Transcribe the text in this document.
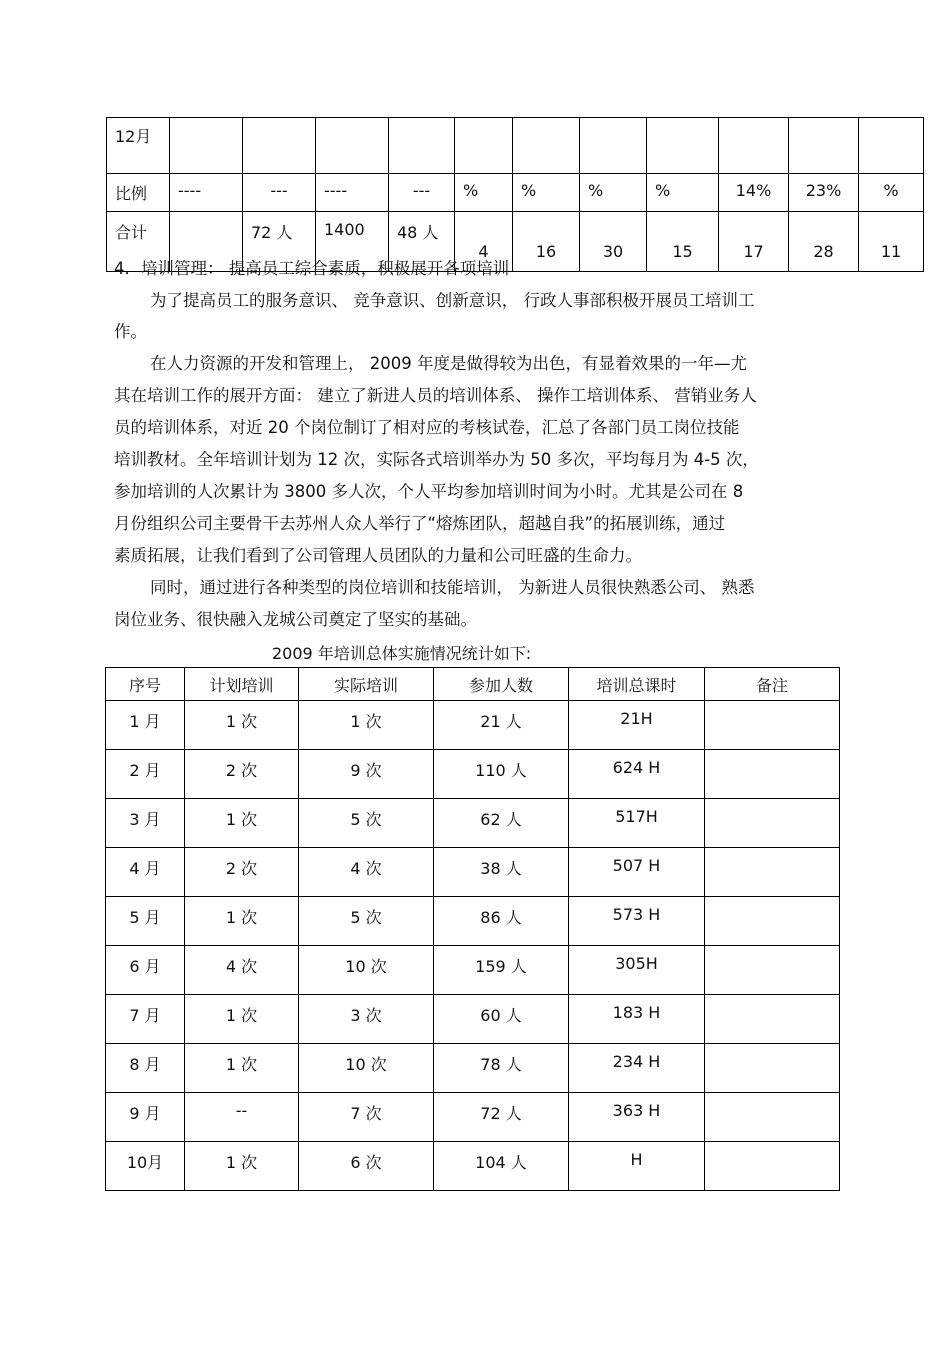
12月											
比例	----	---	----	---	%	%	%	%	14%	23%	%
合计		72 人	1400	48 人	4	16	30	15	17	28	11
4．培训管理： 提高员工综合素质，积极展开各项培训
为了提高员工的服务意识、 竞争意识、创新意识， 行政人事部积极开展员工培训工
作。
在人力资源的开发和管理上， 2009 年度是做得较为出色，有显着效果的一年—尤
其在培训工作的展开方面： 建立了新进人员的培训体系、 操作工培训体系、 营销业务人
员的培训体系，对近 20 个岗位制订了相对应的考核试卷，汇总了各部门员工岗位技能
培训教材。全年培训计划为 12 次，实际各式培训举办为 50 多次，平均每月为 4-5 次，
参加培训的人次累计为 3800 多人次，个人平均参加培训时间为小时。尤其是公司在 8
月份组织公司主要骨干去苏州人众人举行了“熔炼团队，超越自我”的拓展训练，通过
素质拓展，让我们看到了公司管理人员团队的力量和公司旺盛的生命力。
同时，通过进行各种类型的岗位培训和技能培训， 为新进人员很快熟悉公司、 熟悉
岗位业务、很快融入龙城公司奠定了坚实的基础。
2009 年培训总体实施情况统计如下:
序号	计划培训	实际培训	参加人数	培训总课时	备注
1 月	1 次	1 次	21 人	21H	
2 月	2 次	9 次	110 人	624 H	
3 月	1 次	5 次	62 人	517H	
4 月	2 次	4 次	38 人	507 H	
5 月	1 次	5 次	86 人	573 H	
6 月	4 次	10 次	159 人	305H	
7 月	1 次	3 次	60 人	183 H	
8 月	1 次	10 次	78 人	234 H	
9 月	--	7 次	72 人	363 H	
10月	1 次	6 次	104 人	H	
